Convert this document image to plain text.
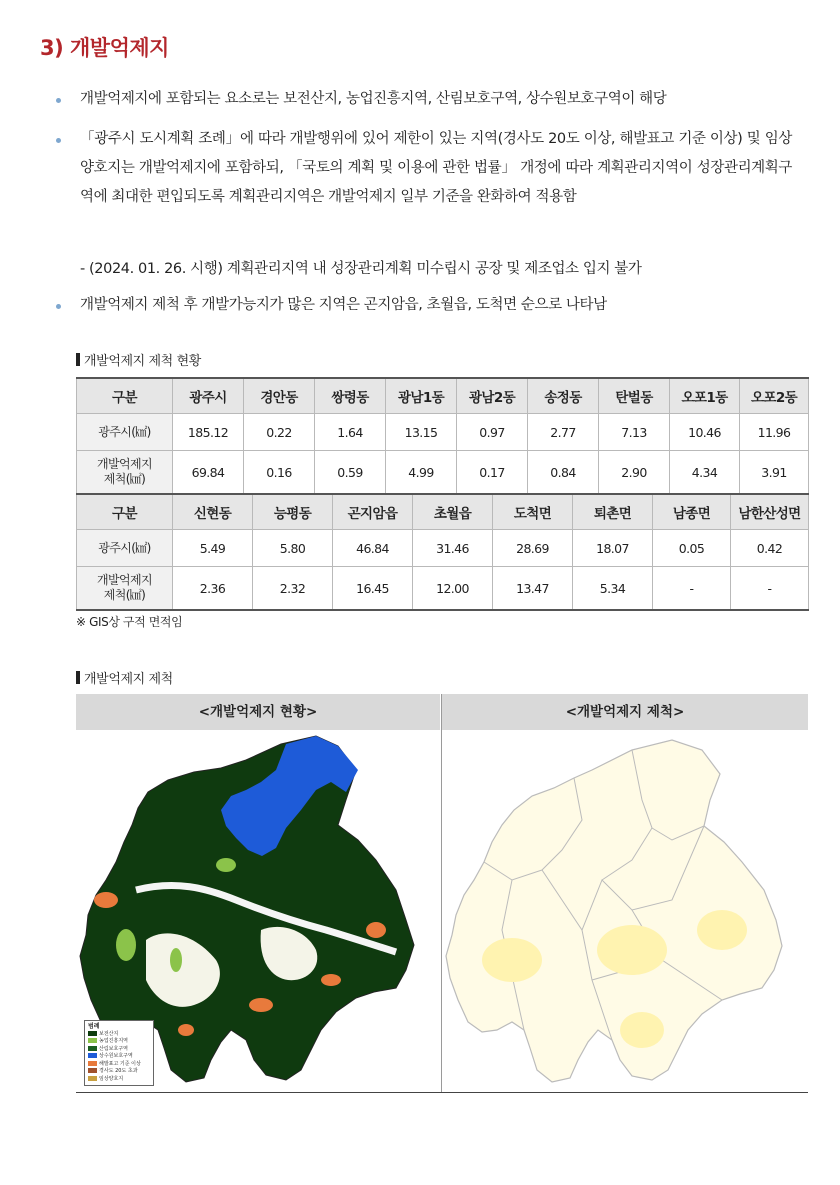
3) 개발억제지
개발억제지에 포함되는 요소로는 보전산지, 농업진흥지역, 산림보호구역, 상수원보호구역이 해당
「광주시 도시계획 조례」에 따라 개발행위에 있어 제한이 있는 지역(경사도 20도 이상, 해발표고 기준 이상) 및 임상양호지는 개발억제지에 포함하되, 「국토의 계획 및 이용에 관한 법률」 개정에 따라 계획관리지역이 성장관리계획구역에 최대한 편입되도록 계획관리지역은 개발억제지 일부 기준을 완화하여 적용함
- (2024. 01. 26. 시행) 계획관리지역 내 성장관리계획 미수립시 공장 및 제조업소 입지 불가
개발억제지 제척 후 개발가능지가 많은 지역은 곤지암읍, 초월읍, 도척면 순으로 나타남
개발억제지 제척 현황
구분	광주시	경안동	쌍령동	광남1동	광남2동	송정동	탄벌동	오포1동	오포2동
광주시(㎢)	185.12	0.22	1.64	13.15	0.97	2.77	7.13	10.46	11.96
개발억제지
제척(㎢)	69.84	0.16	0.59	4.99	0.17	0.84	2.90	4.34	3.91
구분	신현동	능평동	곤지암읍	초월읍	도척면	퇴촌면	남종면	남한산성면
광주시(㎢)	5.49	5.80	46.84	31.46	28.69	18.07	0.05	0.42
개발억제지
제척(㎢)	2.36	2.32	16.45	12.00	13.47	5.34	-	-
※ GIS상 구적 면적임
개발억제지 제척
<개발억제지 현황>	<개발억제지 제척>
범례
보전산지
농업진흥지역
산림보호구역
상수원보호구역
해발표고 기준 이상
경사도 20도 초과
임상양호지
